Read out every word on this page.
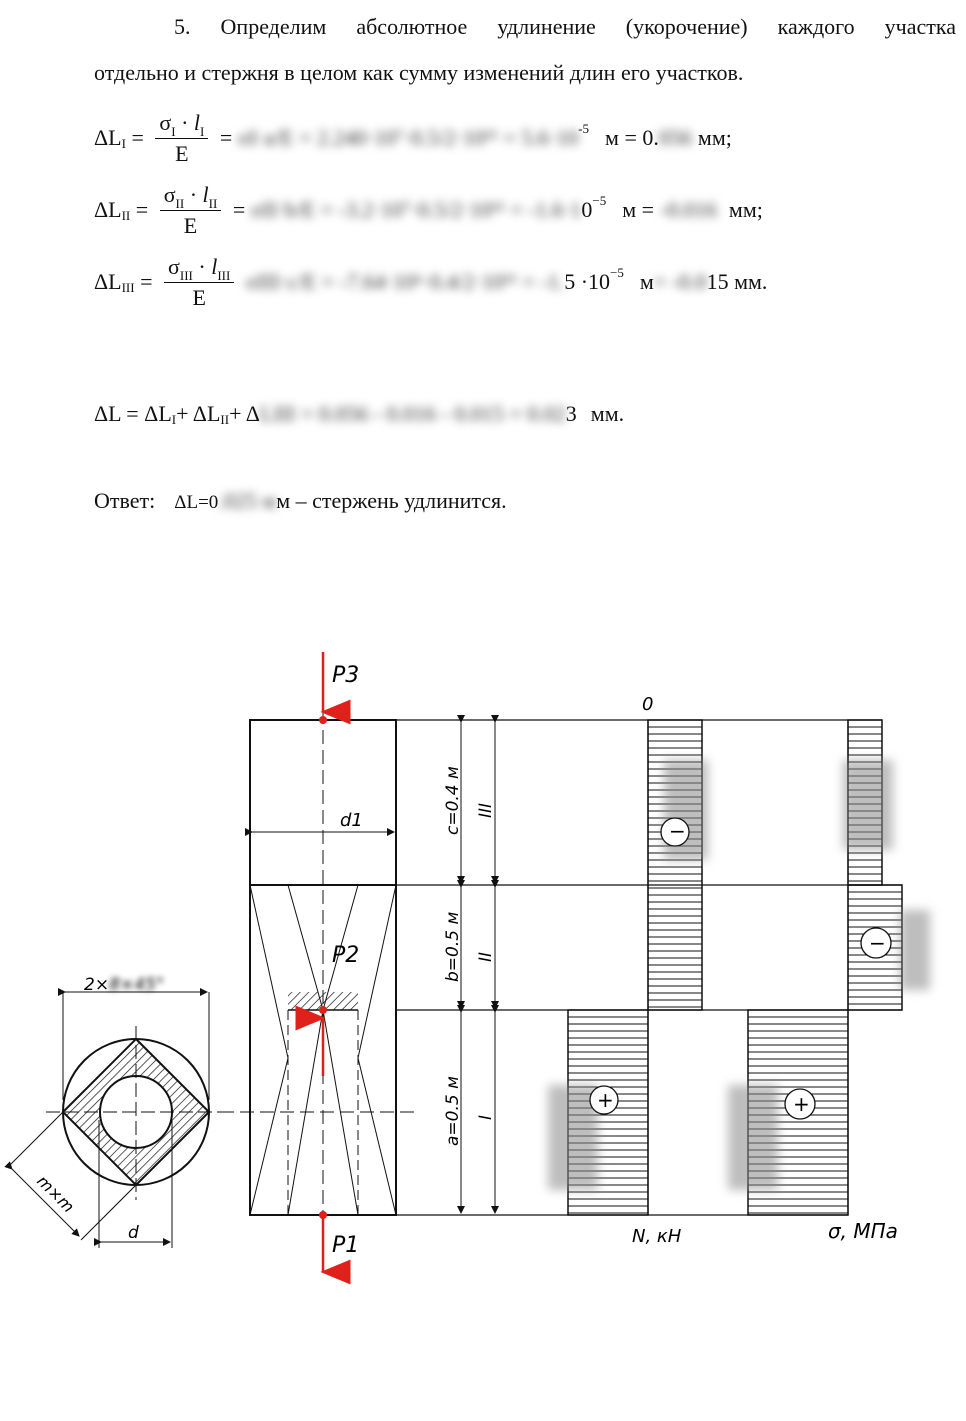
5. Определим абсолютное удлинение (укорочение) каждого участка
отдельно и стержня в целом как сумму изменений длин его участков.
ΔL $I = \frac{\sigma_I \cdot l_I}{E} = \sigma I\cdot a/E = 2.240\cdot 10^7\cdot 0.5/2\cdot 10^{11} = 5.6\cdot 10$ -5 м = 0. 056 мм;
ΔL II = $\frac{\sigma_{II} \cdot l_{II}}{E} = \sigma II\cdot b/E = -3.2\cdot 10^7\cdot 0.5/2\cdot 10^{11} = -1.6\cdot 1$ 0 −5 м = -0.016 мм;
ΔL III = $\frac{\sigma_{III} \cdot l_{III}}{E}$
σIII·c/E = -7.64·10⁶·0.4/2·10¹¹ = -1. 5 ·10 −5 м = -0.0 15 мм.
ΔL = ΔL I + ΔL II + Δ LIII = 0.056 - 0.016 - 0.015 = 0.02 3 мм.
Ответ: ΔL=0.025 мм – стержень удлинится.
d1
P3
P2
P1
2×8×45°
d
m×m
c=0.4 м
b=0.5 м
a=0.5 м
III
II
I
−
−
+	+
0
N, кН	σ, МПа
